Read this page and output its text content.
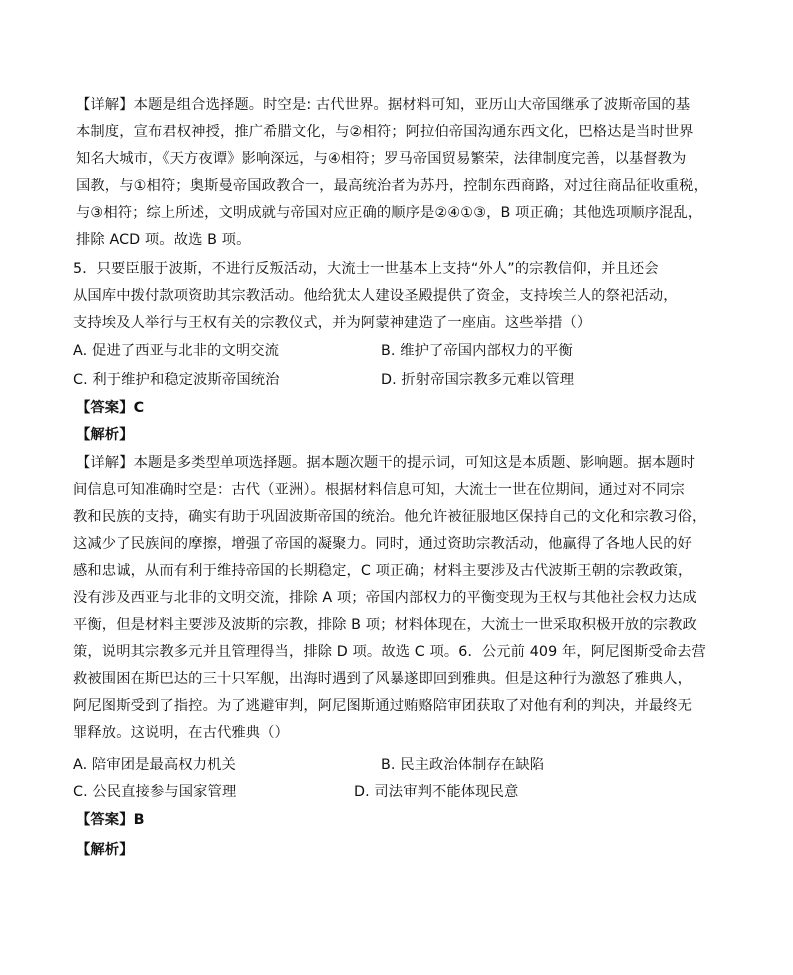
【详解】本题是组合选择题。时空是: 古代世界。据材料可知，亚历山大帝国继承了波斯帝国的基
本制度，宣布君权神授，推广希腊文化，与②相符；阿拉伯帝国沟通东西文化，巴格达是当时世界
知名大城市，《天方夜谭》影响深远，与④相符；罗马帝国贸易繁荣，法律制度完善，以基督教为
国教，与①相符；奥斯曼帝国政教合一，最高统治者为苏丹，控制东西商路，对过往商品征收重税，
与③相符；综上所述，文明成就与帝国对应正确的顺序是②④①③，B 项正确；其他选项顺序混乱，
排除 ACD 项。故选 B 项。
5．只要臣服于波斯，不进行反叛活动，大流士一世基本上支持“外人”的宗教信仰，并且还会
从国库中拨付款项资助其宗教活动。他给犹太人建设圣殿提供了资金，支持埃兰人的祭祀活动，
支持埃及人举行与王权有关的宗教仪式，并为阿蒙神建造了一座庙。这些举措（）
A. 促进了西亚与北非的文明交流	B. 维护了帝国内部权力的平衡
C. 利于维护和稳定波斯帝国统治	D. 折射帝国宗教多元难以管理
【答案】C
【解析】
【详解】本题是多类型单项选择题。据本题次题干的提示词，可知这是本质题、影响题。据本题时
间信息可知准确时空是：古代（亚洲）。根据材料信息可知，大流士一世在位期间，通过对不同宗
教和民族的支持，确实有助于巩固波斯帝国的统治。他允许被征服地区保持自己的文化和宗教习俗，
这减少了民族间的摩擦，增强了帝国的凝聚力。同时，通过资助宗教活动，他赢得了各地人民的好
感和忠诚，从而有利于维持帝国的长期稳定，C 项正确；材料主要涉及古代波斯王朝的宗教政策，
没有涉及西亚与北非的文明交流，排除 A 项；帝国内部权力的平衡变现为王权与其他社会权力达成
平衡，但是材料主要涉及波斯的宗教，排除 B 项；材料体现在，大流士一世采取积极开放的宗教政
策，说明其宗教多元并且管理得当，排除 D 项。故选 C 项。6．公元前 409 年，阿尼图斯受命去营
救被围困在斯巴达的三十只军舰，出海时遇到了风暴遂即回到雅典。但是这种行为激怒了雅典人，
阿尼图斯受到了指控。为了逃避审判，阿尼图斯通过贿赂陪审团获取了对他有利的判决，并最终无
罪释放。这说明，在古代雅典（）
A. 陪审团是最高权力机关	B. 民主政治体制存在缺陷
C. 公民直接参与国家管理	D. 司法审判不能体现民意
【答案】B
【解析】
